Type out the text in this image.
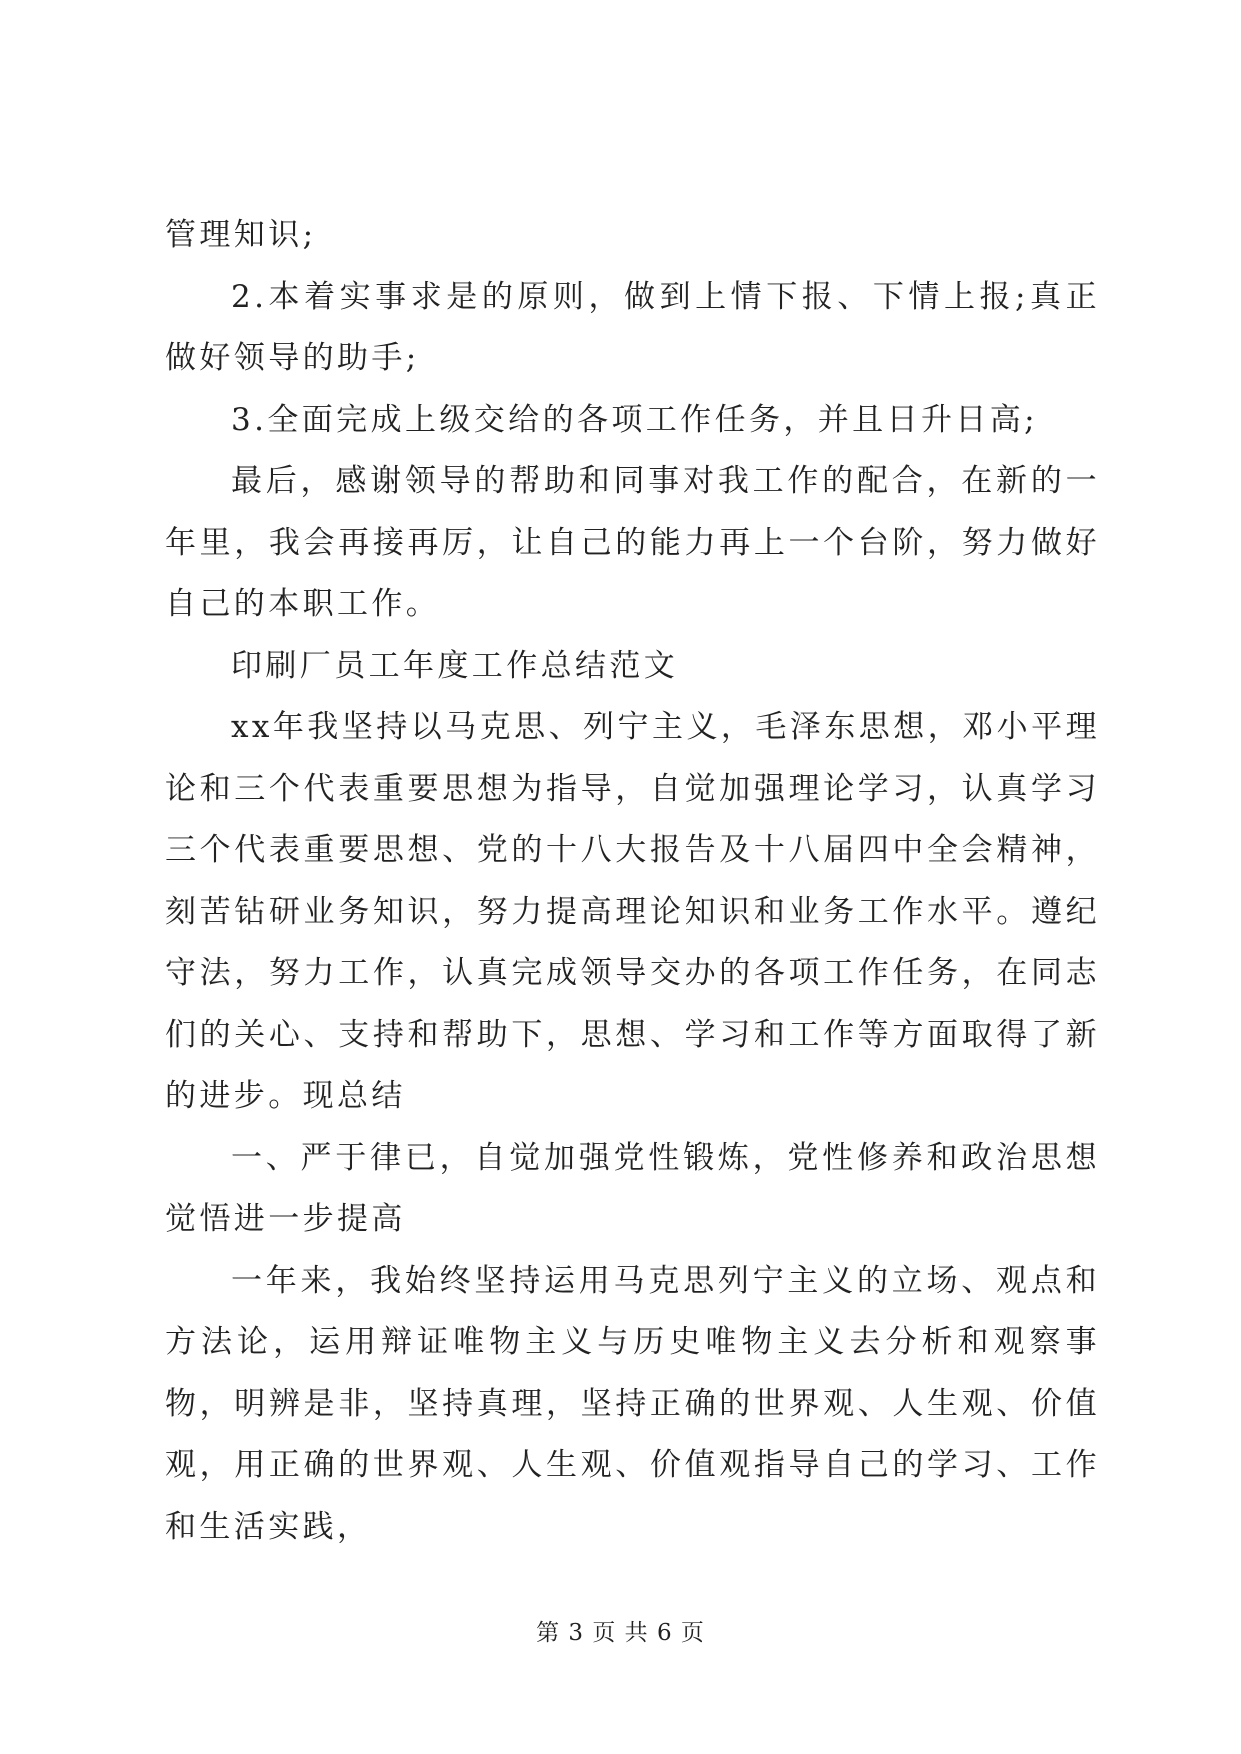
管理知识;

2.本着实事求是的原则，做到上情下报、下情上报;真正做好领导的助手;

3.全面完成上级交给的各项工作任务，并且日升日高;

最后，感谢领导的帮助和同事对我工作的配合，在新的一年里，我会再接再厉，让自己的能力再上一个台阶，努力做好自己的本职工作。

印刷厂员工年度工作总结范文

xx年我坚持以马克思、列宁主义，毛泽东思想，邓小平理论和三个代表重要思想为指导，自觉加强理论学习，认真学习三个代表重要思想、党的十八大报告及十八届四中全会精神，刻苦钻研业务知识，努力提高理论知识和业务工作水平。遵纪守法，努力工作，认真完成领导交办的各项工作任务，在同志们的关心、支持和帮助下，思想、学习和工作等方面取得了新的进步。现总结

一、严于律已，自觉加强党性锻炼，党性修养和政治思想觉悟进一步提高

一年来，我始终坚持运用马克思列宁主义的立场、观点和方法论，运用辩证唯物主义与历史唯物主义去分析和观察事物，明辨是非，坚持真理，坚持正确的世界观、人生观、价值观，用正确的世界观、人生观、价值观指导自己的学习、工作和生活实践，

第 3 页 共 6 页
